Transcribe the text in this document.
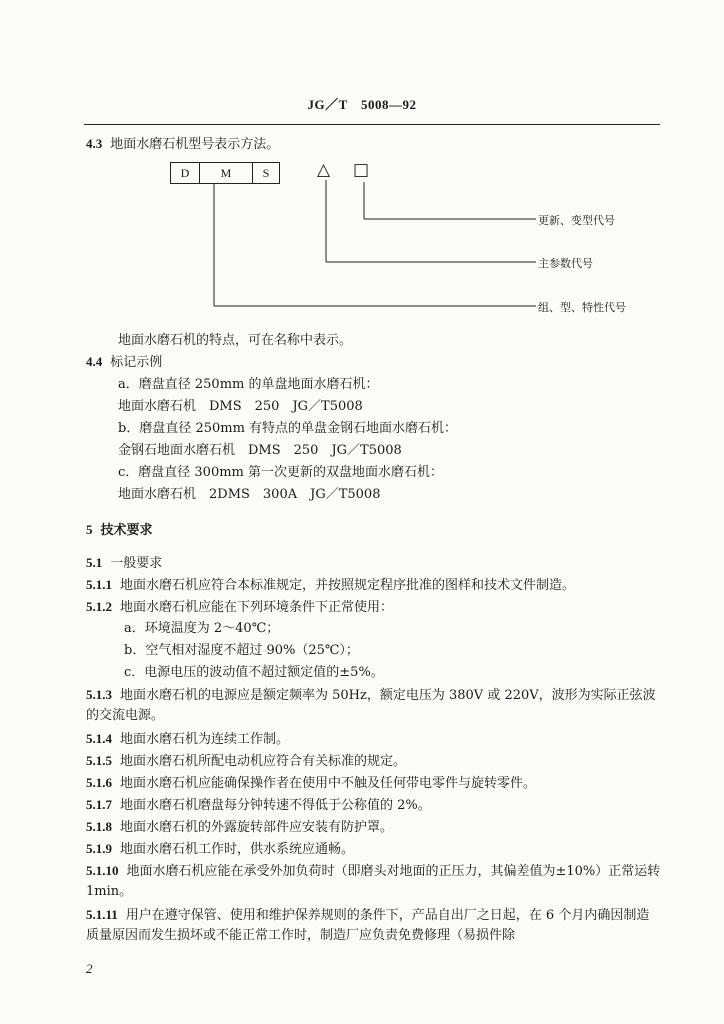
JG／T　5008—92
4.3 地面水磨石机型号表示方法。
D	M	S	△ □
更新、变型代号
主参数代号
组、型、特性代号
地面水磨石机的特点，可在名称中表示。
4.4 标记示例
a．磨盘直径 250mm 的单盘地面水磨石机：
地面水磨石机　DMS　250　JG／T5008
b．磨盘直径 250mm 有特点的单盘金钢石地面水磨石机：
金钢石地面水磨石机　DMS　250　JG／T5008
c．磨盘直径 300mm 第一次更新的双盘地面水磨石机：
地面水磨石机　2DMS　300A　JG／T5008
5 技术要求
5.1 一般要求
5.1.1 地面水磨石机应符合本标准规定，并按照规定程序批准的图样和技术文件制造。
5.1.2 地面水磨石机应能在下列环境条件下正常使用：
a．环境温度为 2～40℃；
b．空气相对湿度不超过 90%（25℃）；
c．电源电压的波动值不超过额定值的±5%。
5.1.3 地面水磨石机的电源应是额定频率为 50Hz，额定电压为 380V 或 220V，波形为实际正弦波的交流电源。
5.1.4 地面水磨石机为连续工作制。
5.1.5 地面水磨石机所配电动机应符合有关标准的规定。
5.1.6 地面水磨石机应能确保操作者在使用中不触及任何带电零件与旋转零件。
5.1.7 地面水磨石机磨盘每分钟转速不得低于公称值的 2%。
5.1.8 地面水磨石机的外露旋转部件应安装有防护罩。
5.1.9 地面水磨石机工作时，供水系统应通畅。
5.1.10 地面水磨石机应能在承受外加负荷时（即磨头对地面的正压力，其偏差值为±10%）正常运转 1min。
5.1.11 用户在遵守保管、使用和维护保养规则的条件下，产品自出厂之日起，在 6 个月内确因制造质量原因而发生损坏或不能正常工作时，制造厂应负责免费修理（易损件除
2
